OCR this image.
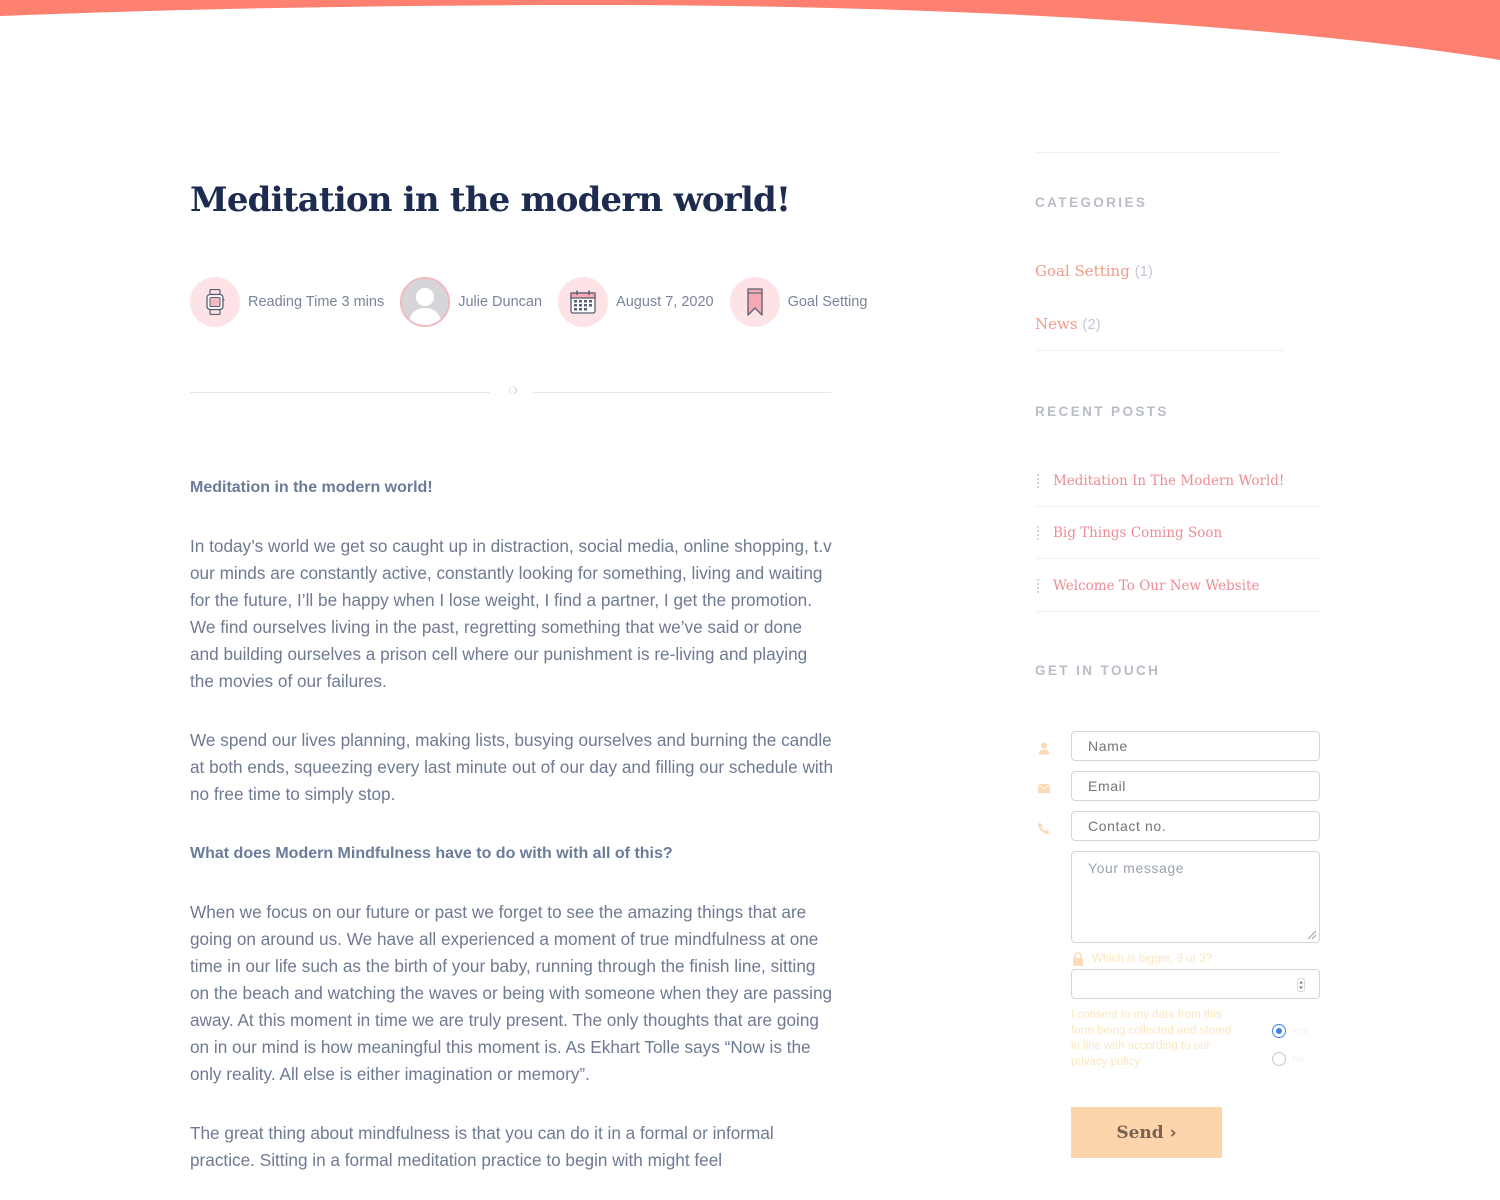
Meditation in the modern world!
Reading Time 3 mins	Julie Duncan	August 7, 2020	Goal Setting
❍
Meditation in the modern world!

In today’s world we get so caught up in distraction, social media, online shopping, t.v our minds are constantly active, constantly looking for something, living and waiting for the future, I’ll be happy when I lose weight, I find a partner, I get the promotion. We find ourselves living in the past, regretting something that we’ve said or done and building ourselves a prison cell where our punishment is re-living and playing the movies of our failures.

We spend our lives planning, making lists, busying ourselves and burning the candle at both ends, squeezing every last minute out of our day and filling our schedule with no free time to simply stop.

What does Modern Mindfulness have to do with with all of this?

When we focus on our future or past we forget to see the amazing things that are going on around us. We have all experienced a moment of true mindfulness at one time in our life such as the birth of your baby, running through the finish line, sitting on the beach and watching the waves or being with someone when they are passing away. At this moment in time we are truly present. The only thoughts that are going on in our mind is how meaningful this moment is. As Ekhart Tolle says “Now is the only reality. All else is either imagination or memory”.

The great thing about mindfulness is that you can do it in a formal or informal practice. Sitting in a formal meditation practice to begin with might feel

CATEGORIES
Goal Setting (1)
News (2)
RECENT POSTS
Meditation In The Modern World!
Big Things Coming Soon
Welcome To Our New Website
GET IN TOUCH
Name
Email
Contact no.
Your message
Which is bigger, 9 or 3?

I consent to my data from this form being collected and stored in line with according to our privacy policy

Yes
No
Send ›
